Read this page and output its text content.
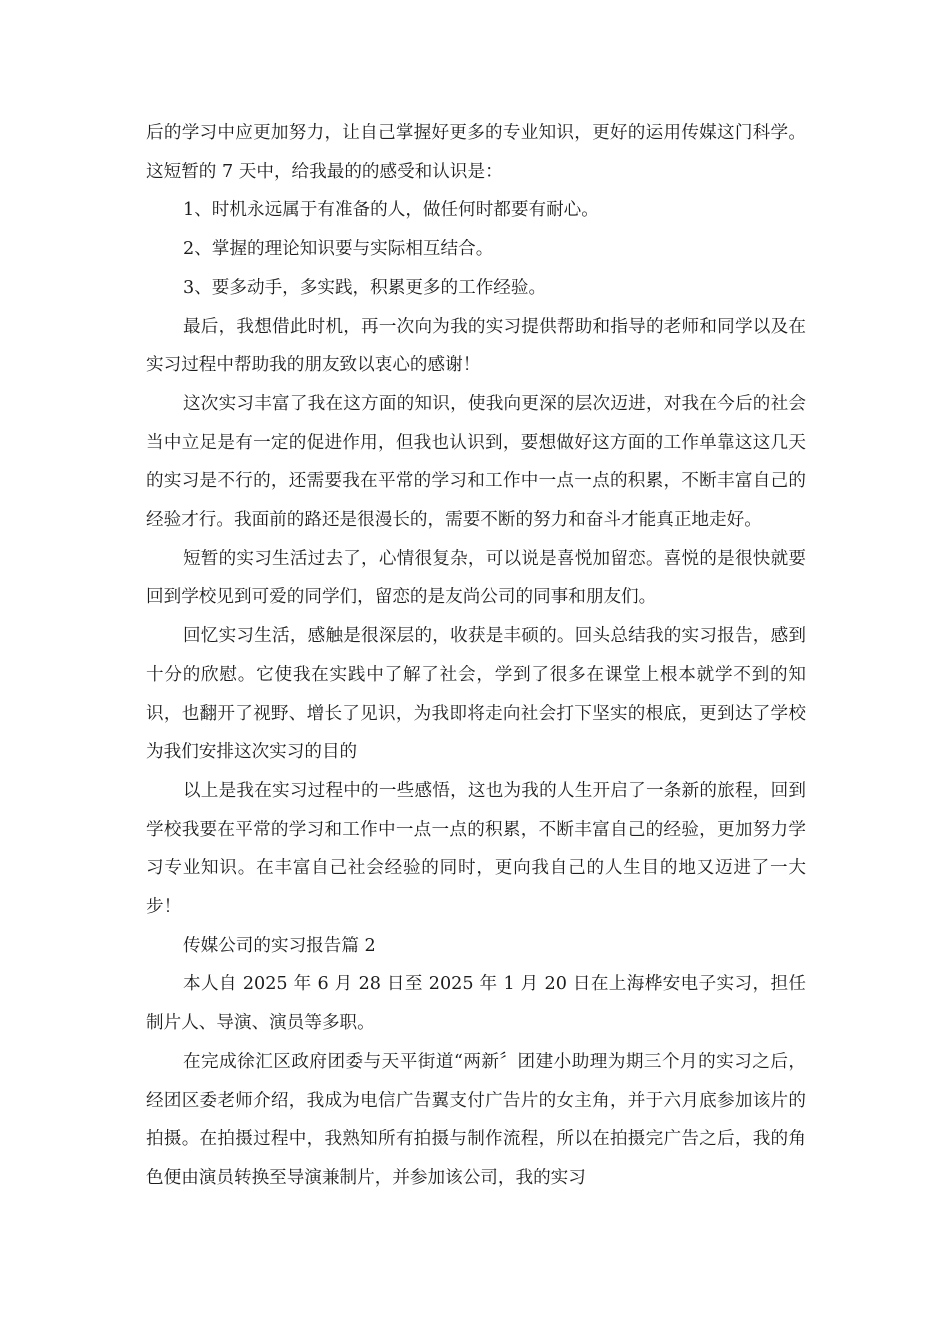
后的学习中应更加努力，让自己掌握好更多的专业知识，更好的运用传媒这门科学。这短暂的 7 天中，给我最的的感受和认识是：

1、时机永远属于有准备的人，做任何时都要有耐心。

2、掌握的理论知识要与实际相互结合。

3、要多动手，多实践，积累更多的工作经验。

最后，我想借此时机，再一次向为我的实习提供帮助和指导的老师和同学以及在实习过程中帮助我的朋友致以衷心的感谢！

这次实习丰富了我在这方面的知识，使我向更深的层次迈进，对我在今后的社会当中立足是有一定的促进作用，但我也认识到，要想做好这方面的工作单靠这这几天的实习是不行的，还需要我在平常的学习和工作中一点一点的积累，不断丰富自己的经验才行。我面前的路还是很漫长的，需要不断的努力和奋斗才能真正地走好。

短暂的实习生活过去了，心情很复杂，可以说是喜悦加留恋。喜悦的是很快就要回到学校见到可爱的同学们，留恋的是友尚公司的同事和朋友们。

回忆实习生活，感触是很深层的，收获是丰硕的。回头总结我的实习报告，感到十分的欣慰。它使我在实践中了解了社会，学到了很多在课堂上根本就学不到的知识，也翻开了视野、增长了见识，为我即将走向社会打下坚实的根底，更到达了学校为我们安排这次实习的目的

以上是我在实习过程中的一些感悟，这也为我的人生开启了一条新的旅程，回到学校我要在平常的学习和工作中一点一点的积累，不断丰富自己的经验，更加努力学习专业知识。在丰富自己社会经验的同时，更向我自己的人生目的地又迈进了一大步！

传媒公司的实习报告篇 2

本人自 2025 年 6 月 28 日至 2025 年 1 月 20 日在上海桦安电子实习，担任制片人、导演、演员等多职。

在完成徐汇区政府团委与天平街道“两新〞团建小助理为期三个月的实习之后，经团区委老师介绍，我成为电信广告翼支付广告片的女主角，并于六月底参加该片的拍摄。在拍摄过程中，我熟知所有拍摄与制作流程，所以在拍摄完广告之后，我的角色便由演员转换至导演兼制片，并参加该公司，我的实习
